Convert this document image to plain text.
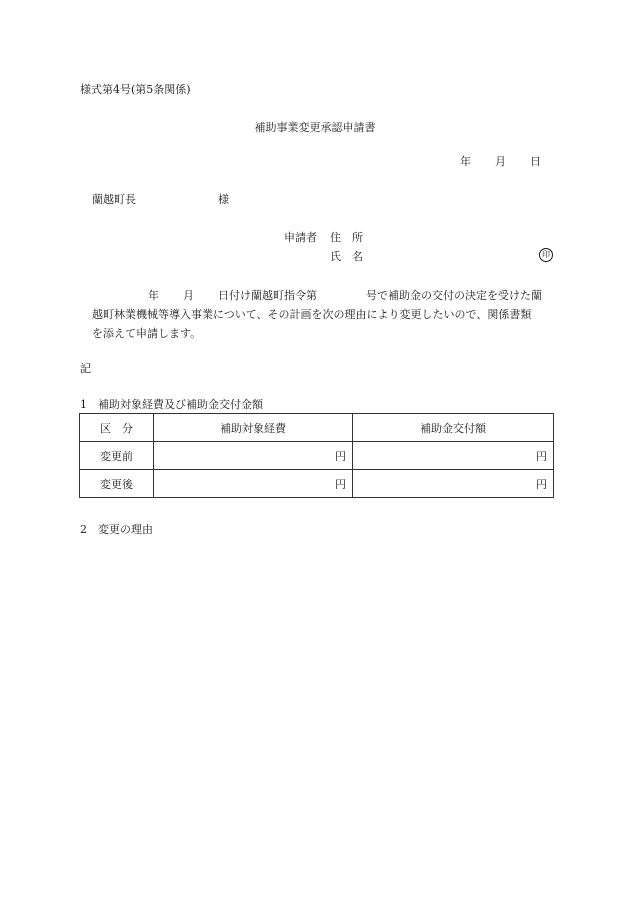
様式第4号(第5条関係)
補助事業変更承認申請書
年 月 日
蘭越町長	様
申請者 住　所
氏　名	印
年 月 日付け蘭越町指令第	号で補助金の交付の決定を受けた蘭
越町林業機械等導入事業について、その計画を次の理由により変更したいので、関係書類
を添えて申請します。
記
1　補助対象経費及び補助金交付金額
区　分	補助対象経費	補助金交付額
変更前	円	円
変更後	円	円
2　変更の理由
